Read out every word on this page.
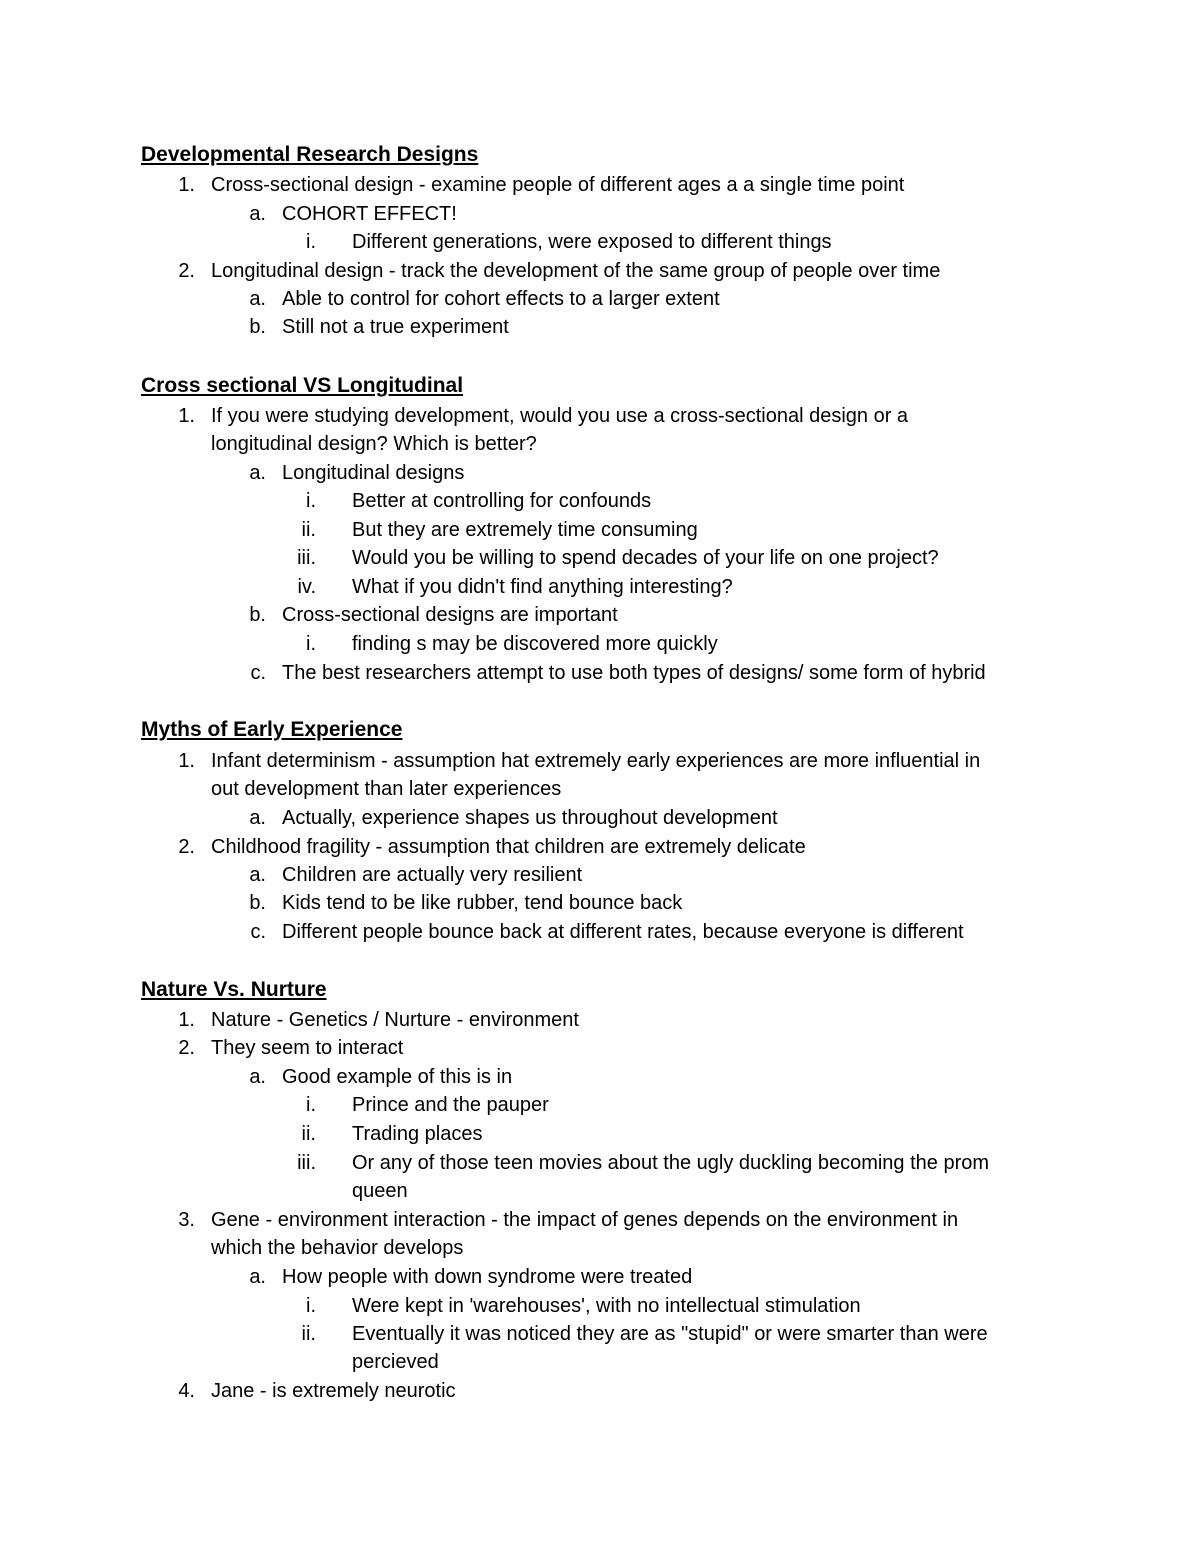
Developmental Research Designs
1. Cross-sectional design - examine people of different ages a a single time point
a. COHORT EFFECT!
i. Different generations, were exposed to different things
2. Longitudinal design - track the development of the same group of people over time
a. Able to control for cohort effects to a larger extent
b. Still not a true experiment
Cross sectional VS Longitudinal
1. If you were studying development, would you use a cross-sectional design or a
longitudinal design? Which is better?
a. Longitudinal designs
i. Better at controlling for confounds
ii. But they are extremely time consuming
iii. Would you be willing to spend decades of your life on one project?
iv. What if you didn't find anything interesting?
b. Cross-sectional designs are important
i. finding s may be discovered more quickly
c. The best researchers attempt to use both types of designs/ some form of hybrid
Myths of Early Experience
1. Infant determinism - assumption hat extremely early experiences are more influential in
out development than later experiences
a. Actually, experience shapes us throughout development
2. Childhood fragility - assumption that children are extremely delicate
a. Children are actually very resilient
b. Kids tend to be like rubber, tend bounce back
c. Different people bounce back at different rates, because everyone is different
Nature Vs. Nurture
1. Nature - Genetics / Nurture - environment
2. They seem to interact
a. Good example of this is in
i. Prince and the pauper
ii. Trading places
iii. Or any of those teen movies about the ugly duckling becoming the prom
queen
3. Gene - environment interaction - the impact of genes depends on the environment in
which the behavior develops
a. How people with down syndrome were treated
i. Were kept in 'warehouses', with no intellectual stimulation
ii. Eventually it was noticed they are as "stupid" or were smarter than were
percieved
4. Jane - is extremely neurotic
